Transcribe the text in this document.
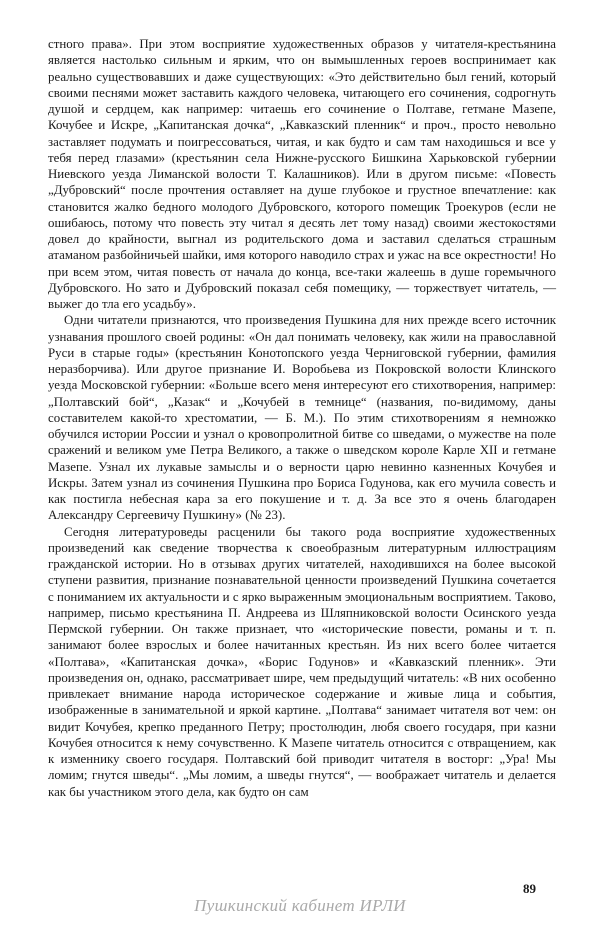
стного права». При этом восприятие художественных образов у читателя-крестьянина является настолько сильным и ярким, что он вымышленных героев воспринимает как реально существовавших и даже существующих: «Это действительно был гений, который своими песнями может заставить каждого человека, читающего его сочинения, содрогнуть душой и сердцем, как например: читаешь его сочинение о Полтаве, гетмане Мазепе, Кочубее и Искре, „Капитанская дочка“, „Кавказский пленник“ и проч., просто невольно заставляет подумать и поигрессоваться, читая, и как будто и сам там находишься и все у тебя перед глазами» (крестьянин села Нижне-русского Бишкина Харьковской губернии Ниевского уезда Лиманской волости Т. Калашников). Или в другом письме: «Повесть „Дубровский“ после прочтения оставляет на душе глубокое и грустное впечатление: как становится жалко бедного молодого Дубровского, которого помещик Троекуров (если не ошибаюсь, потому что повесть эту читал я десять лет тому назад) своими жестокостями довел до крайности, выгнал из родительского дома и заставил сделаться страшным атаманом разбойничьей шайки, имя которого наводило страх и ужас на все окрестности! Но при всем этом, читая повесть от начала до конца, все-таки жалеешь в душе горемычного Дубровского. Но зато и Дубровский показал себя помещику, — торжествует читатель, — выжег до тла его усадьбу».

Одни читатели признаются, что произведения Пушкина для них прежде всего источник узнавания прошлого своей родины: «Он дал понимать человеку, как жили на православной Руси в старые годы» (крестьянин Конотопского уезда Черниговской губернии, фамилия неразборчива). Или другое признание И. Воробьева из Покровской волости Клинского уезда Московской губернии: «Больше всего меня интересуют его стихотворения, например: „Полтавский бой“, „Казак“ и „Кочубей в темнице“ (названия, по-видимому, даны составителем какой-то хрестоматии, — Б. М.). По этим стихотворениям я немножко обучился истории России и узнал о кровопролитной битве со шведами, о мужестве на поле сражений и великом уме Петра Великого, а также о шведском короле Карле XII и гетмане Мазепе. Узнал их лукавые замыслы и о верности царю невинно казненных Кочубея и Искры. Затем узнал из сочинения Пушкина про Бориса Годунова, как его мучила совесть и как постигла небесная кара за его покушение и т. д. За все это я очень благодарен Александру Сергеевичу Пушкину» (№ 23).

Сегодня литературоведы расценили бы такого рода восприятие художественных произведений как сведение творчества к своеобразным литературным иллюстрациям гражданской истории. Но в отзывах других читателей, находившихся на более высокой ступени развития, признание познавательной ценности произведений Пушкина сочетается с пониманием их актуальности и с ярко выраженным эмоциональным восприятием. Таково, например, письмо крестьянина П. Андреева из Шляпниковской волости Осинского уезда Пермской губернии. Он также признает, что «исторические повести, романы и т. п. занимают более взрослых и более начитанных крестьян. Из них всего более читается «Полтава», «Капитанская дочка», «Борис Годунов» и «Кавказский пленник». Эти произведения он, однако, рассматривает шире, чем предыдущий читатель: «В них особенно привлекает внимание народа историческое содержание и живые лица и события, изображенные в занимательной и яркой картине. „Полтава“ занимает читателя вот чем: он видит Кочубея, крепко преданного Петру; простолюдин, любя своего государя, при казни Кочубея относится к нему сочувственно. К Мазепе читатель относится с отвращением, как к изменнику своего государя. Полтавский бой приводит читателя в восторг: „Ура! Мы ломим; гнутся шведы“. „Мы ломим, а шведы гнутся“, — воображает читатель и делается как бы участником этого дела, как будто он сам

89
Пушкинский кабинет ИРЛИ
